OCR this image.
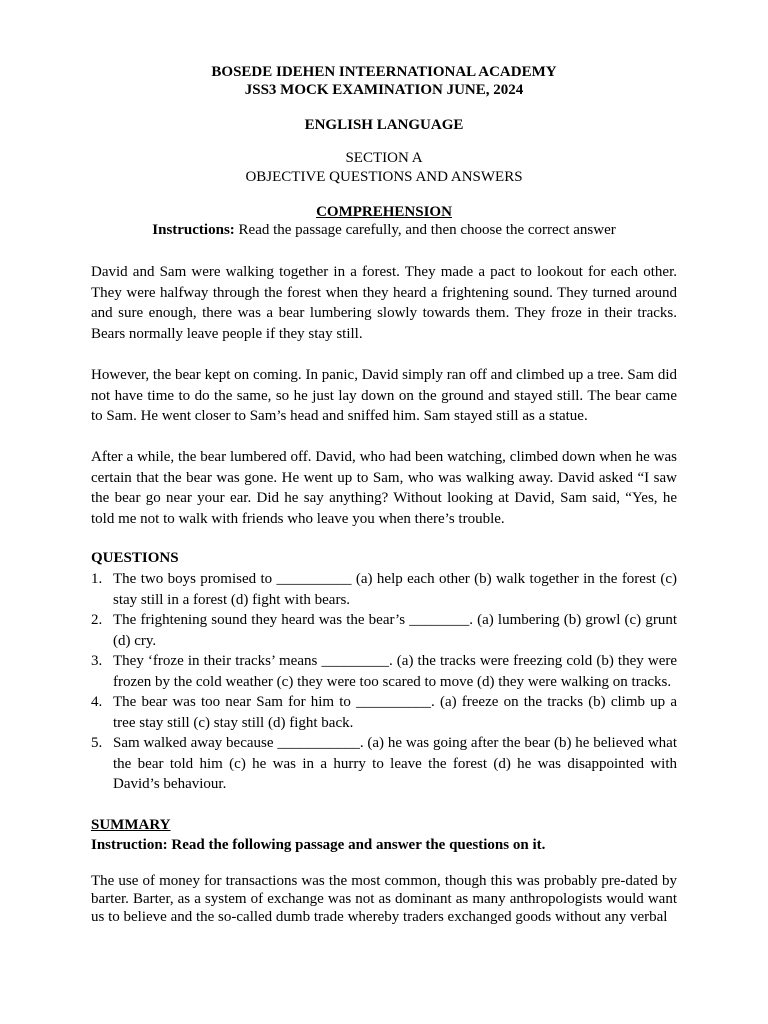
BOSEDE IDEHEN INTEERNATIONAL ACADEMY
JSS3 MOCK EXAMINATION JUNE, 2024
ENGLISH LANGUAGE
SECTION A
OBJECTIVE QUESTIONS AND ANSWERS
COMPREHENSION
Instructions: Read the passage carefully, and then choose the correct answer

David and Sam were walking together in a forest. They made a pact to lookout for each other. They were halfway through the forest when they heard a frightening sound. They turned around and sure enough, there was a bear lumbering slowly towards them. They froze in their tracks. Bears normally leave people if they stay still.

However, the bear kept on coming. In panic, David simply ran off and climbed up a tree. Sam did not have time to do the same, so he just lay down on the ground and stayed still. The bear came to Sam. He went closer to Sam’s head and sniffed him. Sam stayed still as a statue.

After a while, the bear lumbered off. David, who had been watching, climbed down when he was certain that the bear was gone. He went up to Sam, who was walking away. David asked “I saw the bear go near your ear. Did he say anything? Without looking at David, Sam said, “Yes, he told me not to walk with friends who leave you when there’s trouble.

QUESTIONS
1. The two boys promised to __________ (a) help each other (b) walk together in the forest (c) stay still in a forest (d) fight with bears.
2. The frightening sound they heard was the bear’s ________. (a) lumbering (b) growl (c) grunt (d) cry.
3. They ‘froze in their tracks’ means _________. (a) the tracks were freezing cold (b) they were frozen by the cold weather (c) they were too scared to move (d) they were walking on tracks.
4. The bear was too near Sam for him to __________. (a) freeze on the tracks (b) climb up a tree stay still (c) stay still (d) fight back.
5. Sam walked away because ___________. (a) he was going after the bear (b) he believed what the bear told him (c) he was in a hurry to leave the forest (d) he was disappointed with David’s behaviour.
SUMMARY
Instruction: Read the following passage and answer the questions on it.

The use of money for transactions was the most common, though this was probably pre-dated by barter. Barter, as a system of exchange was not as dominant as many anthropologists would want us to believe and the so-called dumb trade whereby traders exchanged goods without any verbal
